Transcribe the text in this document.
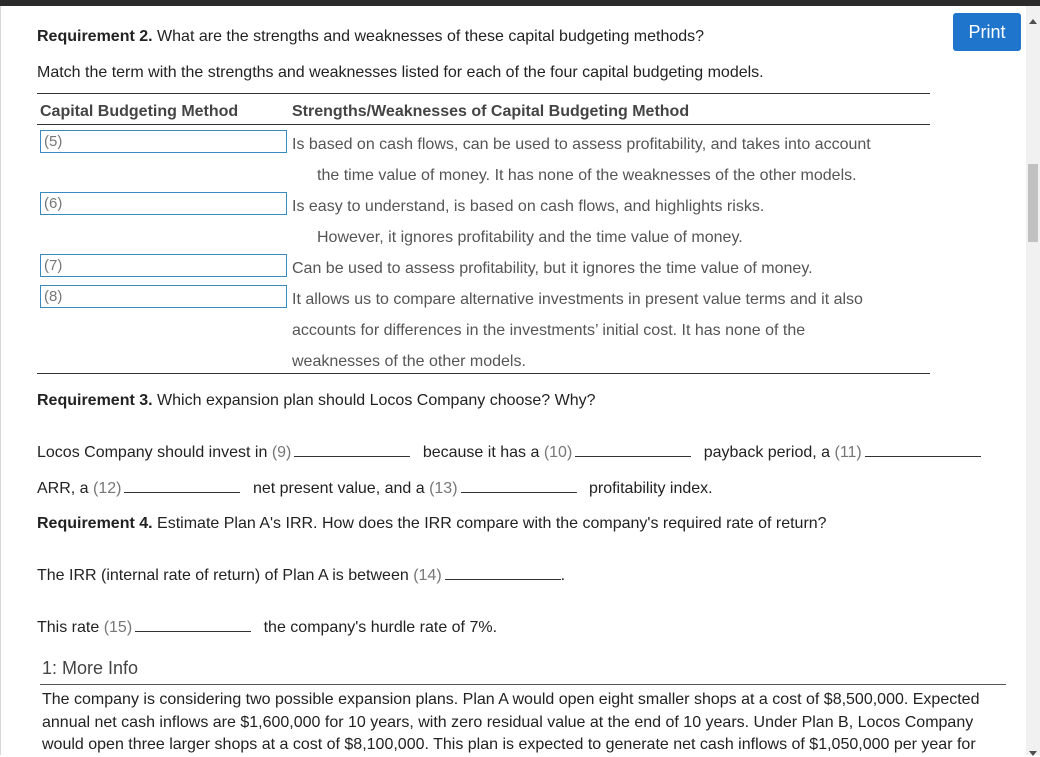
Print
Requirement 2. What are the strengths and weaknesses of these capital budgeting methods?
Match the term with the strengths and weaknesses listed for each of the four capital budgeting models.
Capital Budgeting Method	Strengths/Weaknesses of Capital Budgeting Method
(5)	Is based on cash flows, can be used to assess profitability, and takes into account
the time value of money. It has none of the weaknesses of the other models.
(6)	Is easy to understand, is based on cash flows, and highlights risks.
However, it ignores profitability and the time value of money.
(7)	Can be used to assess profitability, but it ignores the time value of money.
(8)	It allows us to compare alternative investments in present value terms and it also
accounts for differences in the investments’ initial cost. It has none of the
weaknesses of the other models.
Requirement 3. Which expansion plan should Locos Company choose? Why?
Locos Company should invest in (9)	because it has a (10)	payback period, a (11)
ARR, a (12)	net present value, and a (13)	profitability index.
Requirement 4. Estimate Plan A's IRR. How does the IRR compare with the company's required rate of return?
The IRR (internal rate of return) of Plan A is between (14)	.
This rate (15)	the company's hurdle rate of 7%.
1: More Info
The company is considering two possible expansion plans. Plan A would open eight smaller shops at a cost of $8,500,000. Expected annual net cash inflows are $1,600,000 for 10 years, with zero residual value at the end of 10 years. Under Plan B, Locos Company would open three larger shops at a cost of $8,100,000. This plan is expected to generate net cash inflows of $1,050,000 per year for
